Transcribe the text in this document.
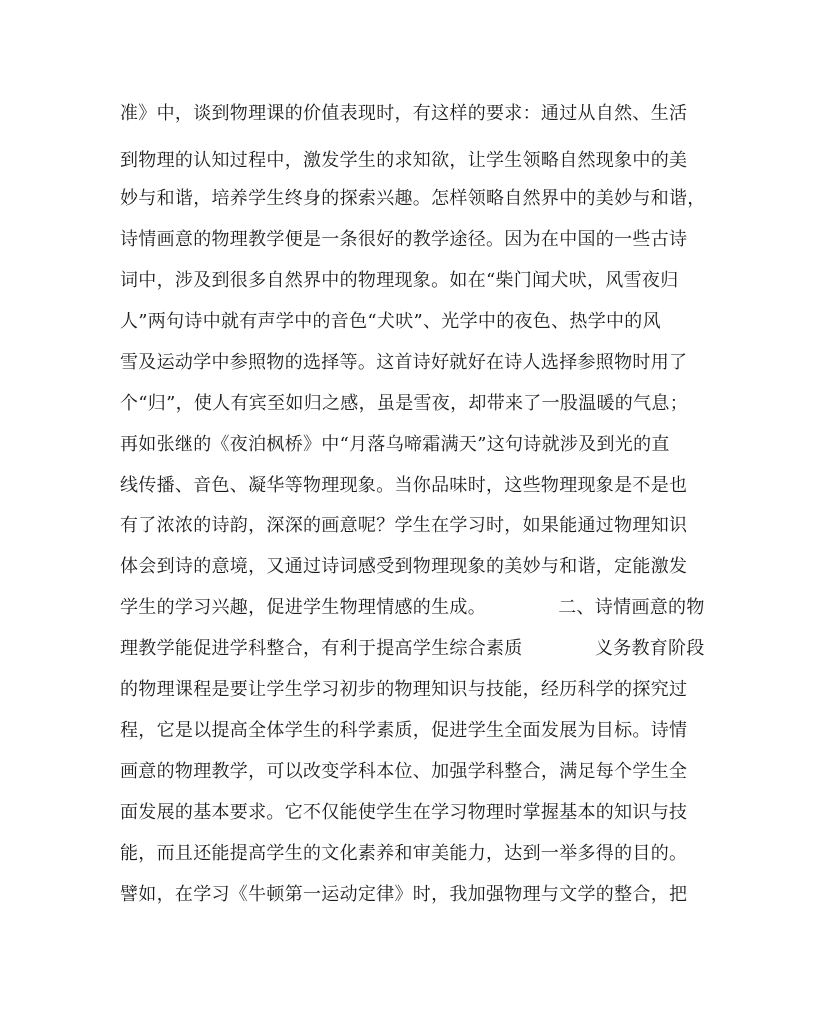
准》中，谈到物理课的价值表现时，有这样的要求：通过从自然、生活
到物理的认知过程中，激发学生的求知欲，让学生领略自然现象中的美
妙与和谐，培养学生终身的探索兴趣。怎样领略自然界中的美妙与和谐，
诗情画意的物理教学便是一条很好的教学途径。因为在中国的一些古诗
词中，涉及到很多自然界中的物理现象。如在“柴门闻犬吠，风雪夜归
人”两句诗中就有声学中的音色“犬吠”、光学中的夜色、热学中的风
雪及运动学中参照物的选择等。这首诗好就好在诗人选择参照物时用了
个“归”，使人有宾至如归之感，虽是雪夜，却带来了一股温暖的气息；
再如张继的《夜泊枫桥》中“月落乌啼霜满天”这句诗就涉及到光的直
线传播、音色、凝华等物理现象。当你品味时，这些物理现象是不是也
有了浓浓的诗韵，深深的画意呢？学生在学习时，如果能通过物理知识
体会到诗的意境，又通过诗词感受到物理现象的美妙与和谐，定能激发
学生的学习兴趣，促进学生物理情感的生成。            二、诗情画意的物
理教学能促进学科整合，有利于提高学生综合素质            义务教育阶段
的物理课程是要让学生学习初步的物理知识与技能，经历科学的探究过
程，它是以提高全体学生的科学素质，促进学生全面发展为目标。诗情
画意的物理教学，可以改变学科本位、加强学科整合，满足每个学生全
面发展的基本要求。它不仅能使学生在学习物理时掌握基本的知识与技
能，而且还能提高学生的文化素养和审美能力，达到一举多得的目的。
譬如，在学习《牛顿第一运动定律》时，我加强物理与文学的整合，把
